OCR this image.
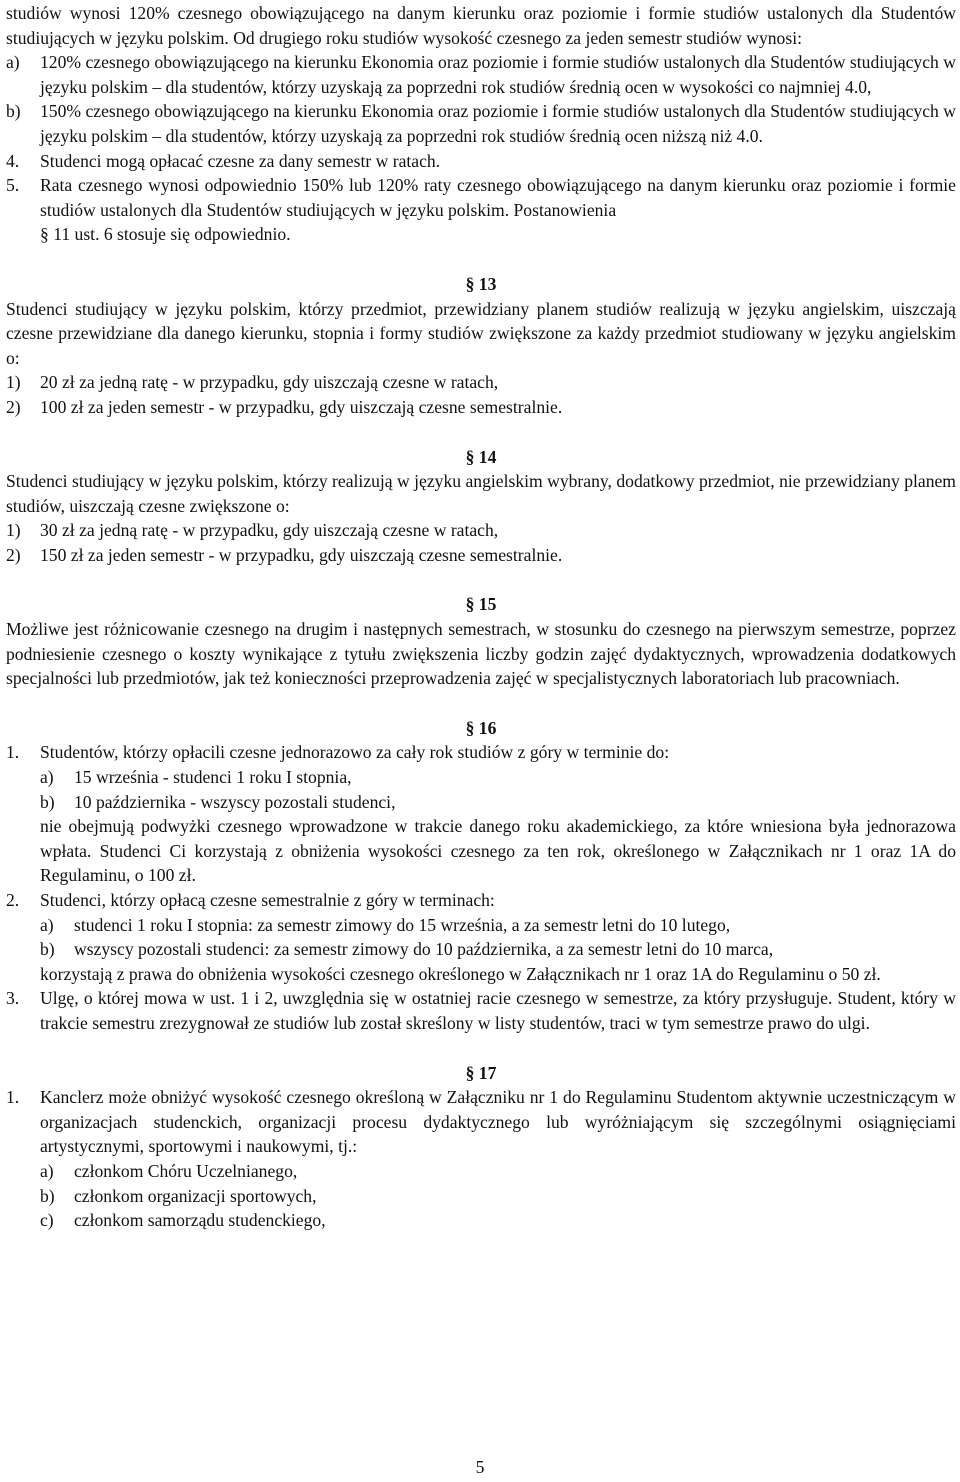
studiów wynosi 120% czesnego obowiązującego na danym kierunku oraz poziomie i formie studiów ustalonych dla Studentów studiujących w języku polskim. Od drugiego roku studiów wysokość czesnego za jeden semestr studiów wynosi:

a)	120% czesnego obowiązującego na kierunku Ekonomia oraz poziomie i formie studiów ustalonych dla Studentów studiujących w języku polskim – dla studentów, którzy uzyskają za poprzedni rok studiów średnią ocen w wysokości co najmniej 4.0,
b)	150% czesnego obowiązującego na kierunku Ekonomia oraz poziomie i formie studiów ustalonych dla Studentów studiujących w języku polskim – dla studentów, którzy uzyskają za poprzedni rok studiów średnią ocen niższą niż 4.0.
4.	Studenci mogą opłacać czesne za dany semestr w ratach.
5.	Rata czesnego wynosi odpowiednio 150% lub 120% raty czesnego obowiązującego na danym kierunku oraz poziomie i formie studiów ustalonych dla Studentów studiujących w języku polskim. Postanowienia
§ 11 ust. 6 stosuje się odpowiednio.
§ 13

Studenci studiujący w języku polskim, którzy przedmiot, przewidziany planem studiów realizują w języku angielskim, uiszczają czesne przewidziane dla danego kierunku, stopnia i formy studiów zwiększone za każdy przedmiot studiowany w języku angielskim o:

1)	20 zł za jedną ratę - w przypadku, gdy uiszczają czesne w ratach,
2)	100 zł za jeden semestr - w przypadku, gdy uiszczają czesne semestralnie.
§ 14

Studenci studiujący w języku polskim, którzy realizują w języku angielskim wybrany, dodatkowy przedmiot, nie przewidziany planem studiów, uiszczają czesne zwiększone o:

1)	30 zł za jedną ratę - w przypadku, gdy uiszczają czesne w ratach,
2)	150 zł za jeden semestr - w przypadku, gdy uiszczają czesne semestralnie.
§ 15

Możliwe jest różnicowanie czesnego na drugim i następnych semestrach, w stosunku do czesnego na pierwszym semestrze, poprzez podniesienie czesnego o koszty wynikające z tytułu zwiększenia liczby godzin zajęć dydaktycznych, wprowadzenia dodatkowych specjalności lub przedmiotów, jak też konieczności przeprowadzenia zajęć w specjalistycznych laboratoriach lub pracowniach.

§ 16
1.	Studentów, którzy opłacili czesne jednorazowo za cały rok studiów z góry w terminie do:
a)	15 września - studenci 1 roku I stopnia,
b)	10 października - wszyscy pozostali studenci,

nie obejmują podwyżki czesnego wprowadzone w trakcie danego roku akademickiego, za które wniesiona była jednorazowa wpłata. Studenci Ci korzystają z obniżenia wysokości czesnego za ten rok, określonego w Załącznikach nr 1 oraz 1A do Regulaminu, o 100 zł.

2.	Studenci, którzy opłacą czesne semestralnie z góry w terminach:
a)	studenci 1 roku I stopnia: za semestr zimowy do 15 września, a za semestr letni do 10 lutego,
b)	wszyscy pozostali studenci: za semestr zimowy do 10 października, a za semestr letni do 10 marca,

korzystają z prawa do obniżenia wysokości czesnego określonego w Załącznikach nr 1 oraz 1A do Regulaminu o 50 zł.

3.	Ulgę, o której mowa w ust. 1 i 2, uwzględnia się w ostatniej racie czesnego w semestrze, za który przysługuje. Student, który w trakcie semestru zrezygnował ze studiów lub został skreślony w listy studentów, traci w tym semestrze prawo do ulgi.
§ 17
1.	Kanclerz może obniżyć wysokość czesnego określoną w Załączniku nr 1 do Regulaminu Studentom aktywnie uczestniczącym w organizacjach studenckich, organizacji procesu dydaktycznego lub wyróżniającym się szczególnymi osiągnięciami artystycznymi, sportowymi i naukowymi, tj.:
a)	członkom Chóru Uczelnianego,
b)	członkom organizacji sportowych,
c)	członkom samorządu studenckiego,
5
